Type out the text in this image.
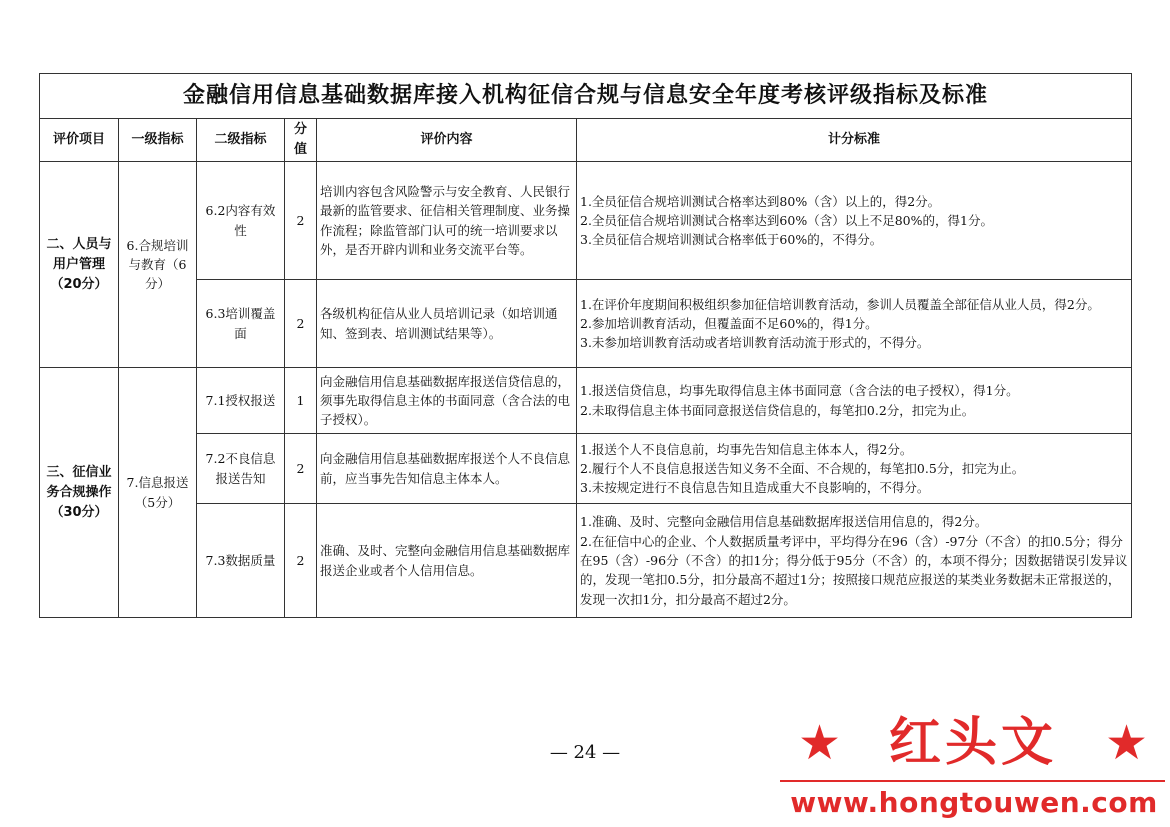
金融信用信息基础数据库接入机构征信合规与信息安全年度考核评级指标及标准					
评价项目	一级指标	二级指标	分值	评价内容	计分标准
二、人员与用户管理（20分）	6.合规培训与教育（6分）	6.2内容有效性	2	培训内容包含风险警示与安全教育、人民银行最新的监管要求、征信相关管理制度、业务操作流程；除监管部门认可的统一培训要求以外，是否开辟内训和业务交流平台等。	1.全员征信合规培训测试合格率达到80%（含）以上的，得2分。
2.全员征信合规培训测试合格率达到60%（含）以上不足80%的，得1分。
3.全员征信合规培训测试合格率低于60%的，不得分。

		6.3培训覆盖面	2	各级机构征信从业人员培训记录（如培训通知、签到表、培训测试结果等）。	1.在评价年度期间积极组织参加征信培训教育活动，参训人员覆盖全部征信从业人员，得2分。
2.参加培训教育活动，但覆盖面不足60%的，得1分。
3.未参加培训教育活动或者培训教育活动流于形式的，不得分。

三、征信业务合规操作（30分）	7.信息报送（5分）	7.1授权报送	1	向金融信用信息基础数据库报送信贷信息的，须事先取得信息主体的书面同意（含合法的电子授权）。	1.报送信贷信息，均事先取得信息主体书面同意（含合法的电子授权），得1分。
2.未取得信息主体书面同意报送信贷信息的，每笔扣0.2分，扣完为止。

		7.2不良信息报送告知	2	向金融信用信息基础数据库报送个人不良信息前，应当事先告知信息主体本人。	1.报送个人不良信息前，均事先告知信息主体本人，得2分。
2.履行个人不良信息报送告知义务不全面、不合规的，每笔扣0.5分，扣完为止。
3.未按规定进行不良信息告知且造成重大不良影响的，不得分。

		7.3数据质量	2	准确、及时、完整向金融信用信息基础数据库报送企业或者个人信用信息。	1.准确、及时、完整向金融信用信息基础数据库报送信用信息的，得2分。
2.在征信中心的企业、个人数据质量考评中，平均得分在96（含）-97分（不含）的扣0.5分；得分在95（含）-96分（不含）的扣1分；得分低于95分（不含）的，本项不得分；因数据错误引发异议的，发现一笔扣0.5分，扣分最高不超过1分；按照接口规范应报送的某类业务数据未正常报送的，发现一次扣1分，扣分最高不超过2分。
— 24 —	★ 红头文 ★
www.hongtouwen.com
